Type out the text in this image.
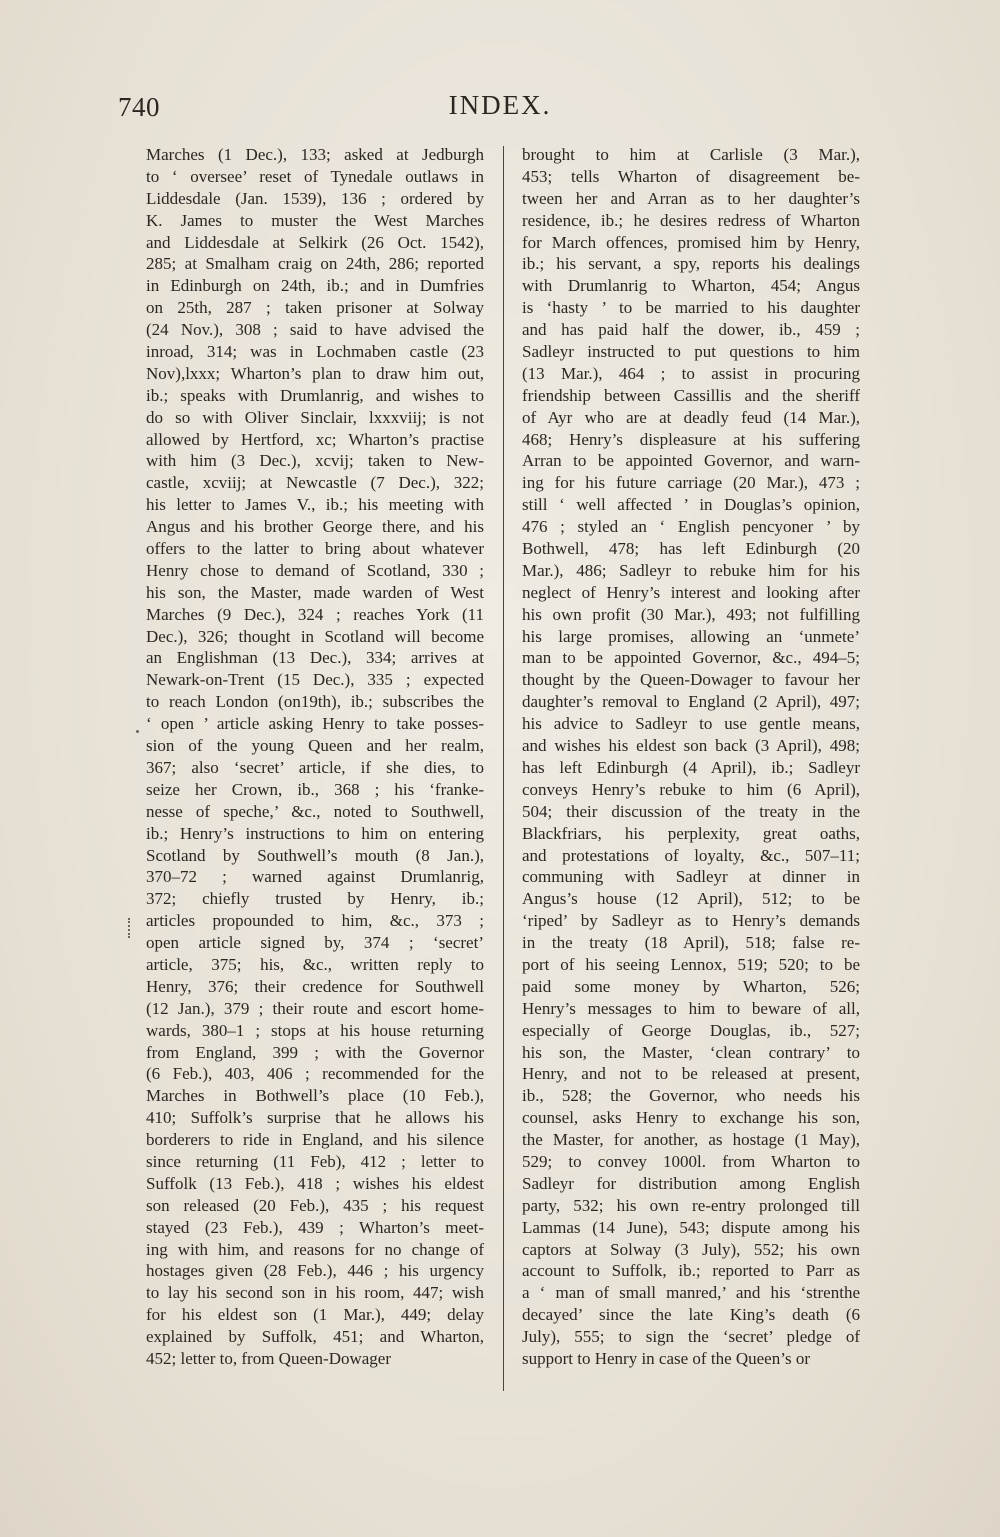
740	INDEX.
Marches (1 Dec.), 133; asked at Jedburgh
to ‘ oversee’ reset of Tynedale outlaws in
Liddesdale (Jan. 1539), 136 ; ordered by
K. James to muster the West Marches
and Liddesdale at Selkirk (26 Oct. 1542),
285; at Smalham craig on 24th, 286; reported
in Edinburgh on 24th, ib.; and in Dumfries
on 25th, 287 ; taken prisoner at Solway
(24 Nov.), 308 ; said to have advised the
inroad, 314; was in Lochmaben castle (23
Nov),lxxx; Wharton’s plan to draw him out,
ib.; speaks with Drumlanrig, and wishes to
do so with Oliver Sinclair, lxxxviij; is not
allowed by Hertford, xc; Wharton’s practise
with him (3 Dec.), xcvij; taken to New-
castle, xcviij; at Newcastle (7 Dec.), 322;
his letter to James V., ib.; his meeting with
Angus and his brother George there, and his
offers to the latter to bring about whatever
Henry chose to demand of Scotland, 330 ;
his son, the Master, made warden of West
Marches (9 Dec.), 324 ; reaches York (11
Dec.), 326; thought in Scotland will become
an Englishman (13 Dec.), 334; arrives at
Newark-on-Trent (15 Dec.), 335 ; expected
to reach London (on19th), ib.; subscribes the
‘ open ’ article asking Henry to take posses-
sion of the young Queen and her realm,
367; also ‘secret’ article, if she dies, to
seize her Crown, ib., 368 ; his ‘franke-
nesse of speche,’ &c., noted to Southwell,
ib.; Henry’s instructions to him on entering
Scotland by Southwell’s mouth (8 Jan.),
370–72 ; warned against Drumlanrig,
372; chiefly trusted by Henry, ib.;
articles propounded to him, &c., 373 ;
open article signed by, 374 ; ‘secret’
article, 375; his, &c., written reply to
Henry, 376; their credence for Southwell
(12 Jan.), 379 ; their route and escort home-
wards, 380–1 ; stops at his house returning
from England, 399 ; with the Governor
(6 Feb.), 403, 406 ; recommended for the
Marches in Bothwell’s place (10 Feb.),
410; Suffolk’s surprise that he allows his
borderers to ride in England, and his silence
since returning (11 Feb), 412 ; letter to
Suffolk (13 Feb.), 418 ; wishes his eldest
son released (20 Feb.), 435 ; his request
stayed (23 Feb.), 439 ; Wharton’s meet-
ing with him, and reasons for no change of
hostages given (28 Feb.), 446 ; his urgency
to lay his second son in his room, 447; wish
for his eldest son (1 Mar.), 449; delay
explained by Suffolk, 451; and Wharton,
452; letter to, from Queen-Dowager
brought to him at Carlisle (3 Mar.),
453; tells Wharton of disagreement be-
tween her and Arran as to her daughter’s
residence, ib.; he desires redress of Wharton
for March offences, promised him by Henry,
ib.; his servant, a spy, reports his dealings
with Drumlanrig to Wharton, 454; Angus
is ‘hasty ’ to be married to his daughter
and has paid half the dower, ib., 459 ;
Sadleyr instructed to put questions to him
(13 Mar.), 464 ; to assist in procuring
friendship between Cassillis and the sheriff
of Ayr who are at deadly feud (14 Mar.),
468; Henry’s displeasure at his suffering
Arran to be appointed Governor, and warn-
ing for his future carriage (20 Mar.), 473 ;
still ‘ well affected ’ in Douglas’s opinion,
476 ; styled an ‘ English pencyoner ’ by
Bothwell, 478; has left Edinburgh (20
Mar.), 486; Sadleyr to rebuke him for his
neglect of Henry’s interest and looking after
his own profit (30 Mar.), 493; not fulfilling
his large promises, allowing an ‘unmete’
man to be appointed Governor, &c., 494–5;
thought by the Queen-Dowager to favour her
daughter’s removal to England (2 April), 497;
his advice to Sadleyr to use gentle means,
and wishes his eldest son back (3 April), 498;
has left Edinburgh (4 April), ib.; Sadleyr
conveys Henry’s rebuke to him (6 April),
504; their discussion of the treaty in the
Blackfriars, his perplexity, great oaths,
and protestations of loyalty, &c., 507–11;
communing with Sadleyr at dinner in
Angus’s house (12 April), 512; to be
‘riped’ by Sadleyr as to Henry’s demands
in the treaty (18 April), 518; false re-
port of his seeing Lennox, 519; 520; to be
paid some money by Wharton, 526;
Henry’s messages to him to beware of all,
especially of George Douglas, ib., 527;
his son, the Master, ‘clean contrary’ to
Henry, and not to be released at present,
ib., 528; the Governor, who needs his
counsel, asks Henry to exchange his son,
the Master, for another, as hostage (1 May),
529; to convey 1000l. from Wharton to
Sadleyr for distribution among English
party, 532; his own re-entry prolonged till
Lammas (14 June), 543; dispute among his
captors at Solway (3 July), 552; his own
account to Suffolk, ib.; reported to Parr as
a ‘ man of small manred,’ and his ‘strenthe
decayed’ since the late King’s death (6
July), 555; to sign the ‘secret’ pledge of
support to Henry in case of the Queen’s or
